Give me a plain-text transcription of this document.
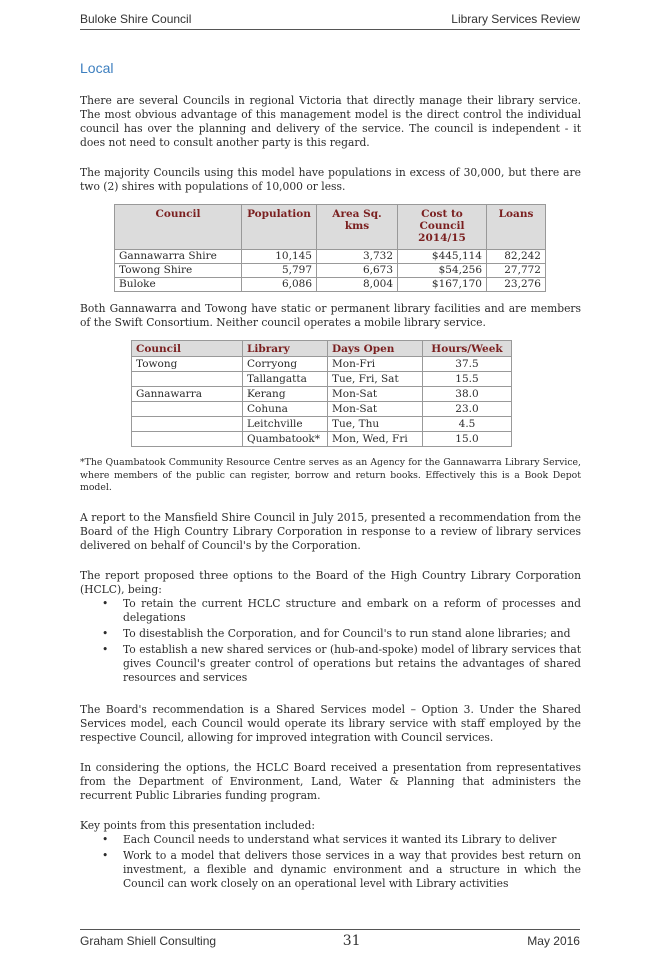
Buloke Shire Council	Library Services Review
Local

There are several Councils in regional Victoria that directly manage their library service. The most obvious advantage of this management model is the direct control the individual council has over the planning and delivery of the service. The council is independent - it does not need to consult another party is this regard.

The majority Councils using this model have populations in excess of 30,000, but there are two (2) shires with populations of 10,000 or less.

Council	Population	Area Sq. kms	Cost to Council 2014/15	Loans
Gannawarra Shire	10,145	3,732	$445,114	82,242
Towong Shire	5,797	6,673	$54,256	27,772
Buloke	6,086	8,004	$167,170	23,276

Both Gannawarra and Towong have static or permanent library facilities and are members of the Swift Consortium. Neither council operates a mobile library service.

Council	Library	Days Open	Hours/Week
Towong	Corryong	Mon-Fri	37.5
	Tallangatta	Tue, Fri, Sat	15.5
Gannawarra	Kerang	Mon-Sat	38.0
	Cohuna	Mon-Sat	23.0
	Leitchville	Tue, Thu	4.5
	Quambatook*	Mon, Wed, Fri	15.0

*The Quambatook Community Resource Centre serves as an Agency for the Gannawarra Library Service, where members of the public can register, borrow and return books. Effectively this is a Book Depot model.

A report to the Mansfield Shire Council in July 2015, presented a recommendation from the Board of the High Country Library Corporation in response to a review of library services delivered on behalf of Council's by the Corporation.

The report proposed three options to the Board of the High Country Library Corporation (HCLC), being:

• To retain the current HCLC structure and embark on a reform of processes and delegations
• To disestablish the Corporation, and for Council's to run stand alone libraries; and
• To establish a new shared services or (hub-and-spoke) model of library services that gives Council's greater control of operations but retains the advantages of shared resources and services

The Board's recommendation is a Shared Services model – Option 3. Under the Shared Services model, each Council would operate its library service with staff employed by the respective Council, allowing for improved integration with Council services.

In considering the options, the HCLC Board received a presentation from representatives from the Department of Environment, Land, Water & Planning that administers the recurrent Public Libraries funding program.

Key points from this presentation included:

• Each Council needs to understand what services it wanted its Library to deliver
• Work to a model that delivers those services in a way that provides best return on investment, a flexible and dynamic environment and a structure in which the Council can work closely on an operational level with Library activities
Graham Shiell Consulting	31	May 2016
